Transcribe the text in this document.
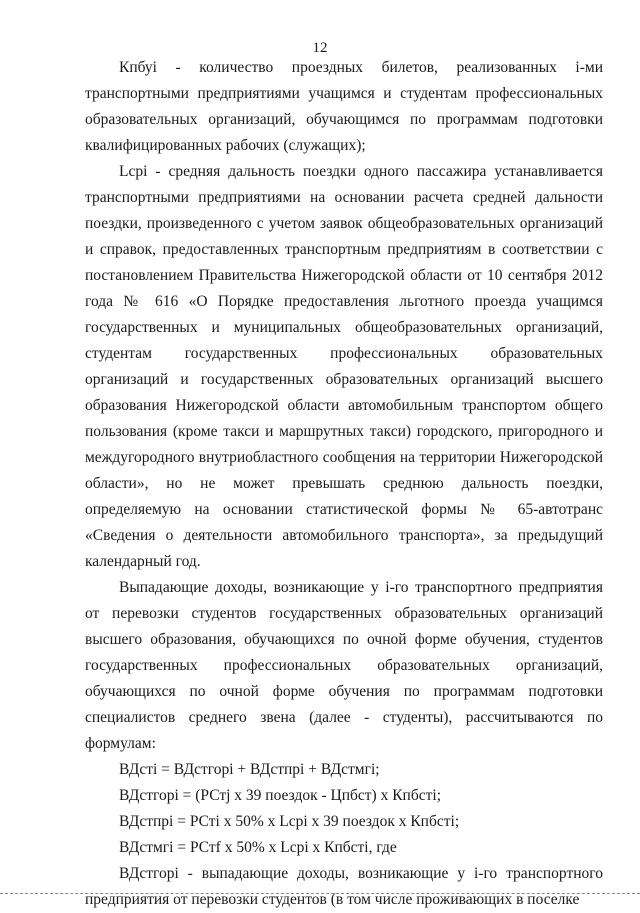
12

Кпбуi - количество проездных билетов, реализованных i-ми транспортными предприятиями учащимся и студентам профессиональных образовательных организаций, обучающимся по программам подготовки квалифицированных рабочих (служащих);

Lcpi - средняя дальность поездки одного пассажира устанавливается транспортными предприятиями на основании расчета средней дальности поездки, произведенного с учетом заявок общеобразовательных организаций и справок, предоставленных транспортным предприятиям в соответствии с постановлением Правительства Нижегородской области от 10 сентября 2012 года № 616 «О Порядке предоставления льготного проезда учащимся государственных и муниципальных общеобразовательных организаций, студентам государственных профессиональных образовательных организаций и государственных образовательных организаций высшего образования Нижегородской области автомобильным транспортом общего пользования (кроме такси и маршрутных такси) городского, пригородного и междугородного внутриобластного сообщения на территории Нижегородской области», но не может превышать среднюю дальность поездки, определяемую на основании статистической формы № 65-автотранс «Сведения о деятельности автомобильного транспорта», за предыдущий календарный год.

Выпадающие доходы, возникающие у i-го транспортного предприятия от перевозки студентов государственных образовательных организаций высшего образования, обучающихся по очной форме обучения, студентов государственных профессиональных образовательных организаций, обучающихся по очной форме обучения по программам подготовки специалистов среднего звена (далее - студенты), рассчитываются по формулам:

ВДстi = ВДстгорi + ВДстпрi + ВДстмгi;

ВДстгорi = (РСтj х 39 поездок - Цпбст) х Кпбстi;

ВДстпрi = РСтi х 50% х Lcpi х 39 поездок х Кпбстi;

ВДстмгi = РСтf х 50% х Lcpi х Кпбстi, где

ВДстгорi - выпадающие доходы, возникающие у i-го транспортного предприятия от перевозки студентов (в том числе проживающих в поселке
